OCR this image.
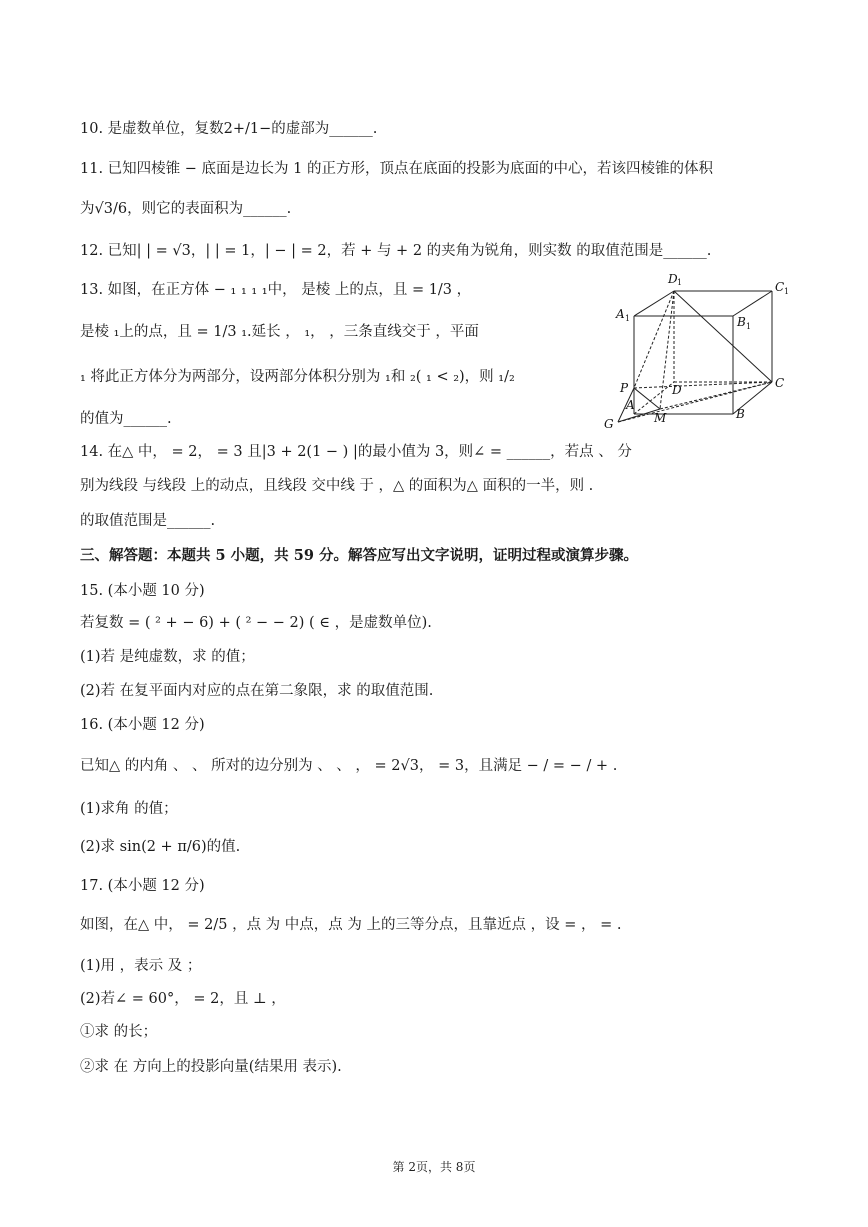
10. 是虚数单位，复数2+/1−的虚部为______.
11. 已知四棱锥 − 底面是边长为 1 的正方形，顶点在底面的投影为底面的中心，若该四棱锥的体积
为√3/6，则它的表面积为______.
12. 已知| | = √3，| | = 1，| − | = 2，若 + 与 + 2 的夹角为锐角，则实数 的取值范围是______.
13. 如图，在正方体 − ₁ ₁ ₁ ₁中， 是棱 上的点，且 = 1/3 ，
是棱 ₁上的点，且 = 1/3 ₁.延长 ， ₁， ，三条直线交于 ，平面
₁ 将此正方体分为两部分，设两部分体积分别为 ₁和 ₂( ₁ < ₂)，则 ₁/₂
的值为______.
14. 在△ 中， = 2， = 3 且|3 + 2(1 − ) |的最小值为 3，则∠ = ______，若点 、 分
别为线段 与线段 上的动点，且线段 交中线 于 ，△ 的面积为△ 面积的一半，则 .
的取值范围是______.
三、解答题：本题共 5 小题，共 59 分。解答应写出文字说明，证明过程或演算步骤。
15. (本小题 10 分)
若复数 = ( ² + − 6) + ( ² − − 2) ( ∈ ，是虚数单位).
(1)若 是纯虚数，求 的值；
(2)若 在复平面内对应的点在第二象限，求 的取值范围.
16. (本小题 12 分)
已知△ 的内角 、 、 所对的边分别为 、 、 ， = 2√3， = 3，且满足 − / = − / + .
(1)求角 的值；
(2)求 sin(2 + π/6)的值.
17. (本小题 12 分)
如图，在△ 中， = 2/5 ，点 为 中点，点 为 上的三等分点，且靠近点 ，设 = ， = .
(1)用 ，表示 及 ；
(2)若∠ = 60°， = 2，且 ⊥ ，
①求 的长；
②求 在 方向上的投影向量(结果用 表示).
D 1	C 1
A 1	B 1
P	D	C
A
M	B
G
第 2页，共 8页
